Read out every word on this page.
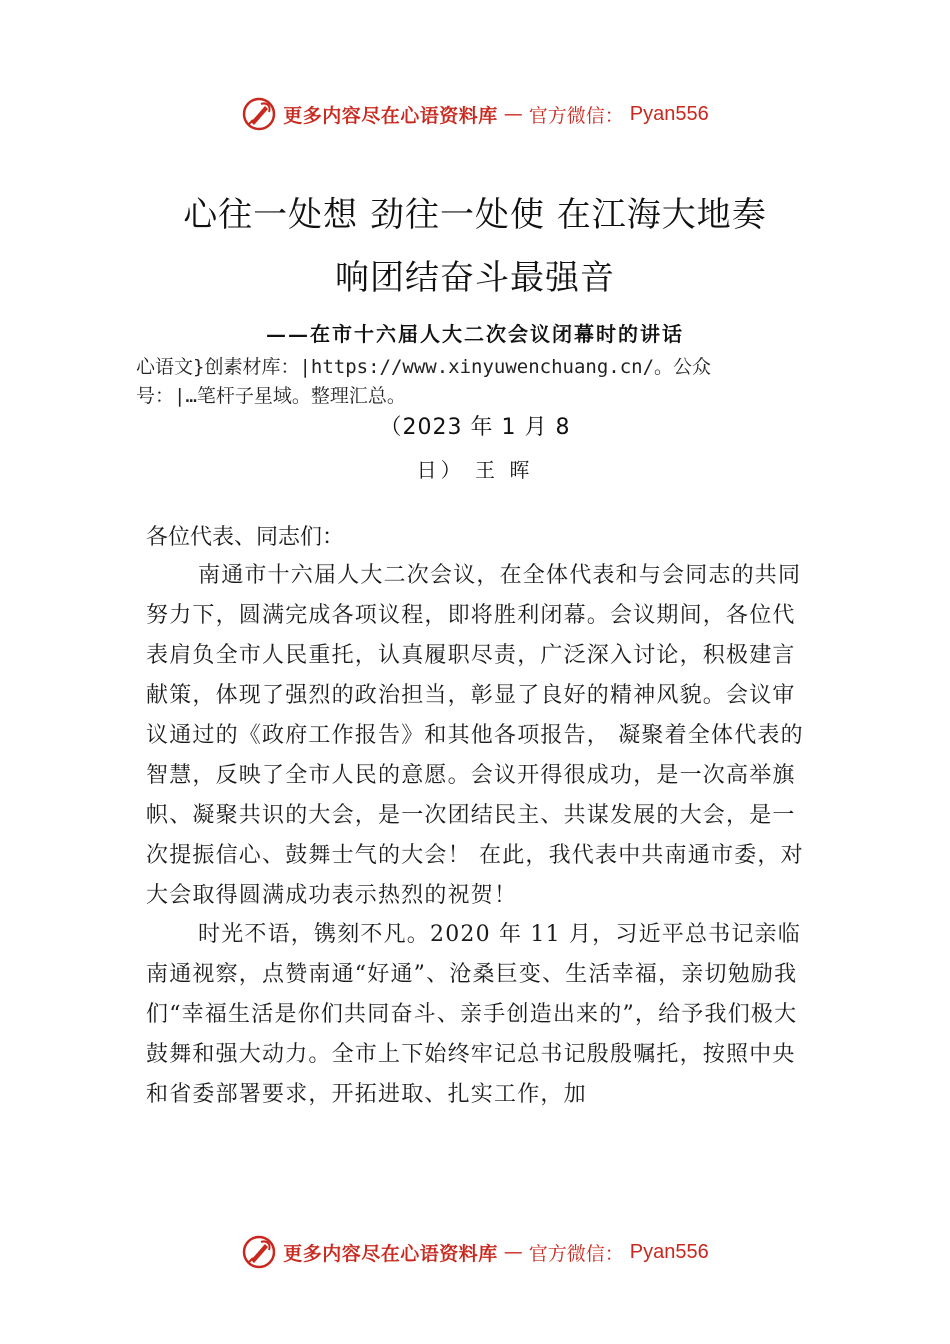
更多内容尽在心语资料库 — 官方微信： Pyan556
心往一处想 劲往一处使 在江海大地奏
响团结奋斗最强音
——在市十六届人大二次会议闭幕时的讲话
心语文}创素材库：|https://www.xinyuwenchuang.cn/。公众
号：|…笔杆子星域。整理汇总。
（2023 年 1 月 8
日） 王 晖
各位代表、同志们：

南通市十六届人大二次会议，在全体代表和与会同志的共同努力下，圆满完成各项议程，即将胜利闭幕。会议期间，各位代表肩负全市人民重托，认真履职尽责，广泛深入讨论，积极建言献策，体现了强烈的政治担当，彰显了良好的精神风貌。会议审议通过的《政府工作报告》和其他各项报告， 凝聚着全体代表的智慧，反映了全市人民的意愿。会议开得很成功，是一次高举旗帜、凝聚共识的大会，是一次团结民主、共谋发展的大会，是一次提振信心、鼓舞士气的大会！ 在此，我代表中共南通市委，对大会取得圆满成功表示热烈的祝贺！

时光不语，镌刻不凡。2020 年 11 月，习近平总书记亲临南通视察，点赞南通“好通”、沧桑巨变、生活幸福，亲切勉励我们“幸福生活是你们共同奋斗、亲手创造出来的”，给予我们极大鼓舞和强大动力。全市上下始终牢记总书记殷殷嘱托，按照中央和省委部署要求，开拓进取、扎实工作，加

更多内容尽在心语资料库 — 官方微信： Pyan556
